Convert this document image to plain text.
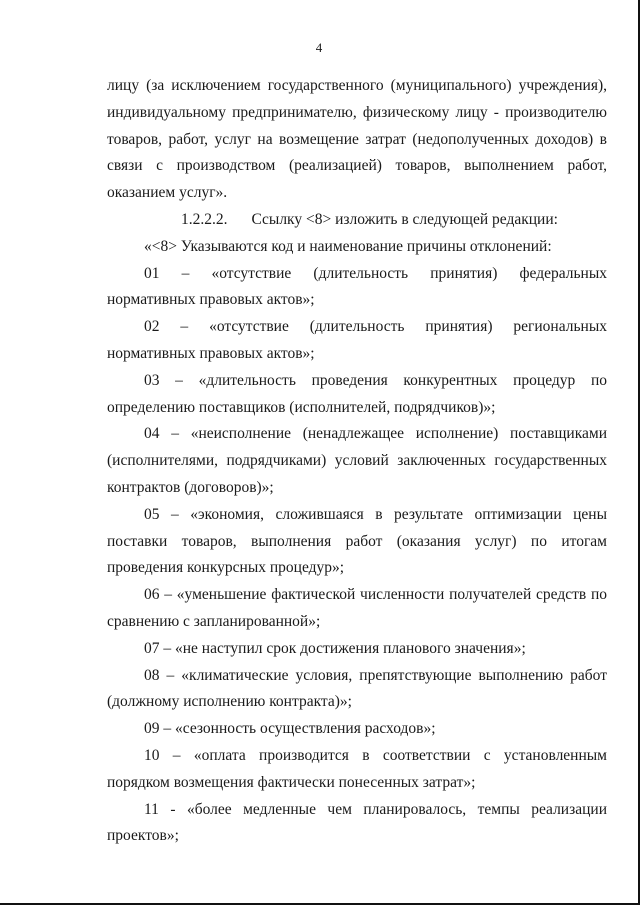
4

лицу (за исключением государственного (муниципального) учреждения), индивидуальному предпринимателю, физическому лицу - производителю товаров, работ, услуг на возмещение затрат (недополученных доходов) в связи с производством (реализацией) товаров, выполнением работ, оказанием услуг».

1.2.2.2. Ссылку <8> изложить в следующей редакции:

«<8> Указываются код и наименование причины отклонений:

01 – «отсутствие (длительность принятия) федеральных нормативных правовых актов»;

02 – «отсутствие (длительность принятия) региональных нормативных правовых актов»;

03 – «длительность проведения конкурентных процедур по определению поставщиков (исполнителей, подрядчиков)»;

04 – «неисполнение (ненадлежащее исполнение) поставщиками (исполнителями, подрядчиками) условий заключенных государственных контрактов (договоров)»;

05 – «экономия, сложившаяся в результате оптимизации цены поставки товаров, выполнения работ (оказания услуг) по итогам проведения конкурсных процедур»;

06 – «уменьшение фактической численности получателей средств по сравнению с запланированной»;

07 – «не наступил срок достижения планового значения»;

08 – «климатические условия, препятствующие выполнению работ (должному исполнению контракта)»;

09 – «сезонность осуществления расходов»;

10 – «оплата производится в соответствии с установленным порядком возмещения фактически понесенных затрат»;

11 - «более медленные чем планировалось, темпы реализации проектов»;
